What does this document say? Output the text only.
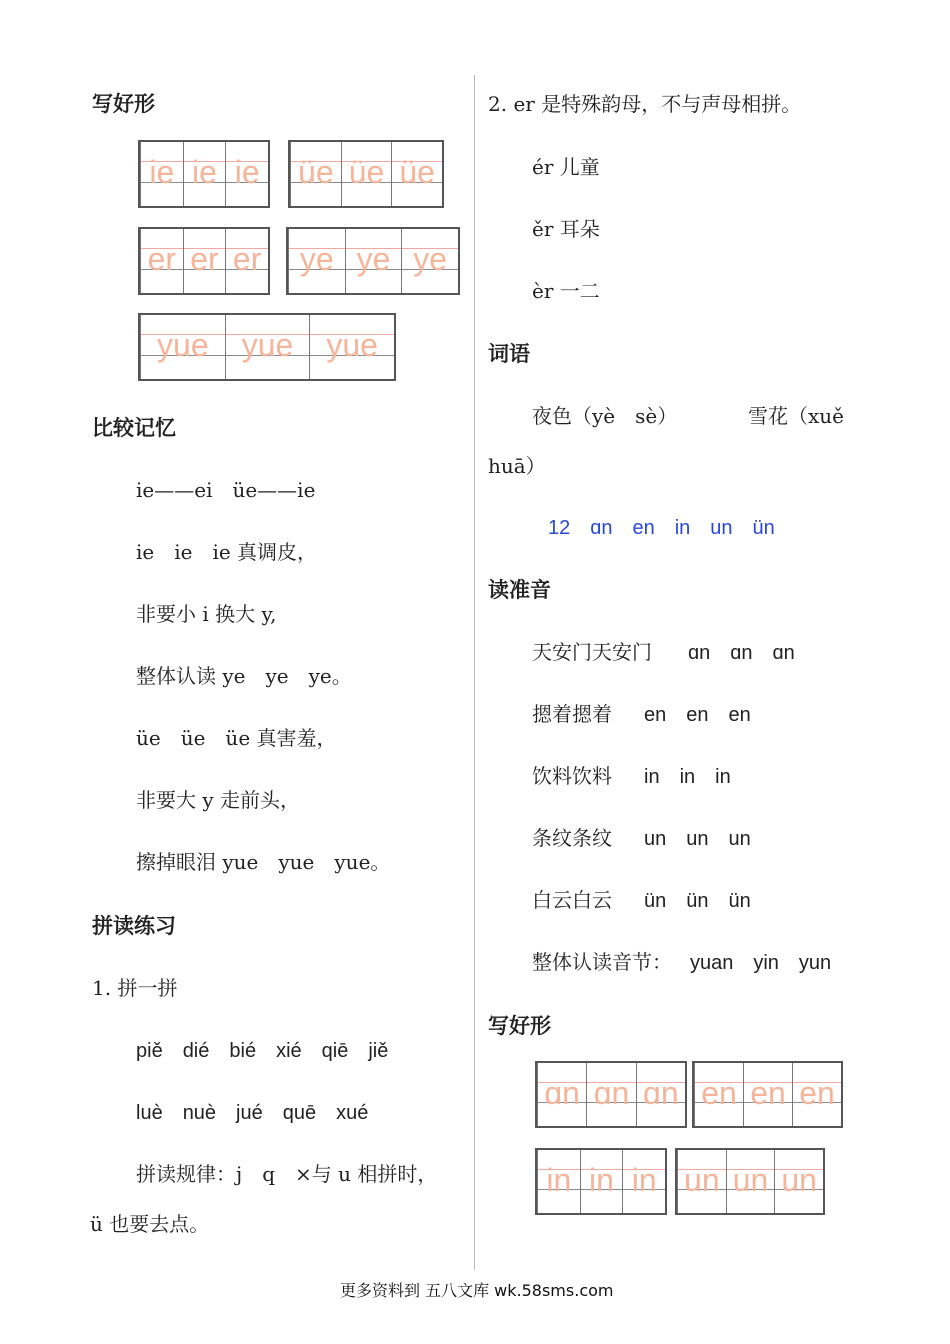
写好形
ie ie ie üe üe üe
er er er	ye ye ye
yue	yue	yue
比较记忆
ie——ei　üe——ie
ie　ie　ie 真调皮，
非要小 i 换大 y,
整体认读 ye　ye　ye。
üe　üe　üe 真害羞，
非要大 y 走前头，
擦掉眼泪 yue　yue　yue。
拼读练习
1. 拼一拼
piě　dié　bié　xié　qiē　jiě
luè　nuè　jué　quē　xué
拼读规律：j　q　×与 u 相拼时，
ü 也要去点。
2. er 是特殊韵母，不与声母相拼。
ér 儿童
ěr 耳朵
èr 一二
词语
夜色（yè　sè）	雪花（xuě
huā）
12　ɑn　en　in　un　ün
读准音
天安门天安门 ɑn　ɑn　ɑn
摁着摁着 en　en　en
饮料饮料 in　in　in
条纹条纹 un　un　un
白云白云 ün　ün　ün
整体认读音节： yuan　yin　yun
写好形
ɑn ɑn ɑn en en en
in in in un un un
更多资料到 五八文库 wk.58sms.com
